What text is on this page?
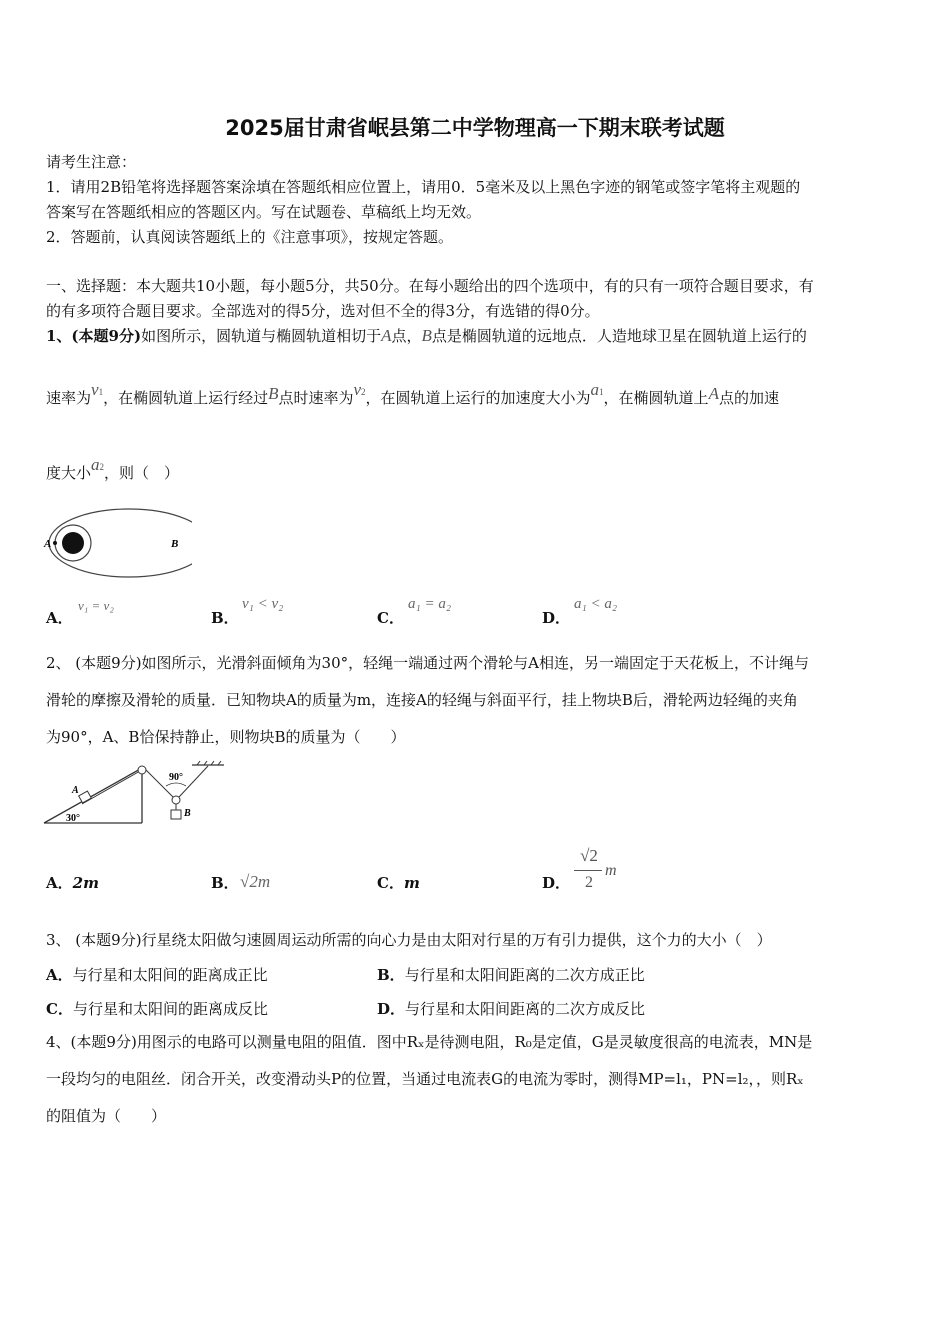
2025届甘肃省岷县第二中学物理高一下期末联考试题
请考生注意：
1．请用2B铅笔将选择题答案涂填在答题纸相应位置上，请用0．5毫米及以上黑色字迹的钢笔或签字笔将主观题的
答案写在答题纸相应的答题区内。写在试题卷、草稿纸上均无效。
2．答题前，认真阅读答题纸上的《注意事项》，按规定答题。
一、选择题：本大题共10小题，每小题5分，共50分。在每小题给出的四个选项中，有的只有一项符合题目要求，有
的有多项符合题目要求。全部选对的得5分，选对但不全的得3分，有选错的得0分。
1、(本题9分)如图所示，圆轨道与椭圆轨道相切于A点，B点是椭圆轨道的远地点．人造地球卫星在圆轨道上运行的
速率为v1，在椭圆轨道上运行经过B点时速率为v2，在圆轨道上运行的加速度大小为a1，在椭圆轨道上A点的加速
度大小a2，则（　）
A	B
A．
v₁ = v₂
B．
v₁ < v₂
C．
a₁ = a₂
D．
a₁ < a₂
2、 (本题9分)如图所示，光滑斜面倾角为30°，轻绳一端通过两个滑轮与A相连，另一端固定于天花板上，不计绳与
滑轮的摩擦及滑轮的质量．已知物块A的质量为m，连接A的轻绳与斜面平行，挂上物块B后，滑轮两边轻绳的夹角
为90°，A、B恰保持静止，则物块B的质量为（　　）
90°
30°
A
B
A．2m	B． √2m	C．m	D．
√2
2
m
3、 (本题9分)行星绕太阳做匀速圆周运动所需的向心力是由太阳对行星的万有引力提供，这个力的大小（　）
A．与行星和太阳间的距离成正比	B．与行星和太阳间距离的二次方成正比
C．与行星和太阳间的距离成反比	D．与行星和太阳间距离的二次方成反比
4、(本题9分)用图示的电路可以测量电阻的阻值．图中Rₓ是待测电阻，R₀是定值，G是灵敏度很高的电流表，MN是
一段均匀的电阻丝．闭合开关，改变滑动头P的位置，当通过电流表G的电流为零时，测得MP=l₁，PN=l₂，，则Rₓ
的阻值为（　　）
